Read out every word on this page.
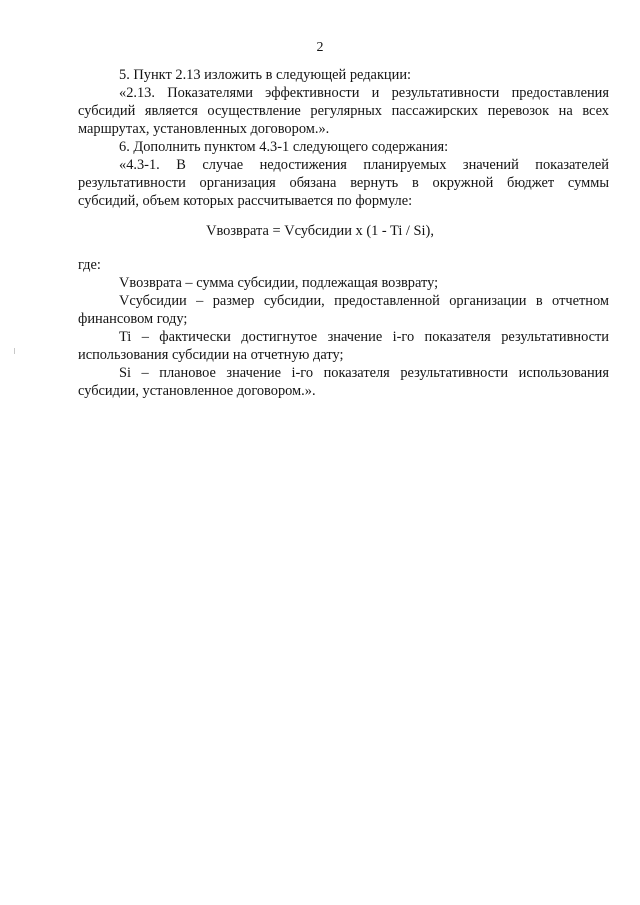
2
5. Пункт 2.13 изложить в следующей редакции:
«2.13. Показателями эффективности и результативности предоставления
субсидий является осуществление регулярных пассажирских перевозок на всех
маршрутах, установленных договором.».
6. Дополнить пунктом 4.3-1 следующего содержания:
«4.3-1. В случае недостижения планируемых значений показателей
результативности организация обязана вернуть в окружной бюджет суммы
субсидий, объем которых рассчитывается по формуле:
Vвозврата = Vсубсидии x (1 - Ti / Si),
где:
Vвозврата – сумма субсидии, подлежащая возврату;
Vсубсидии – размер субсидии, предоставленной организации в отчетном
финансовом году;
Ti – фактически достигнутое значение i-го показателя результативности
использования субсидии на отчетную дату;
Si – плановое значение i-го показателя результативности использования
субсидии, установленное договором.».
